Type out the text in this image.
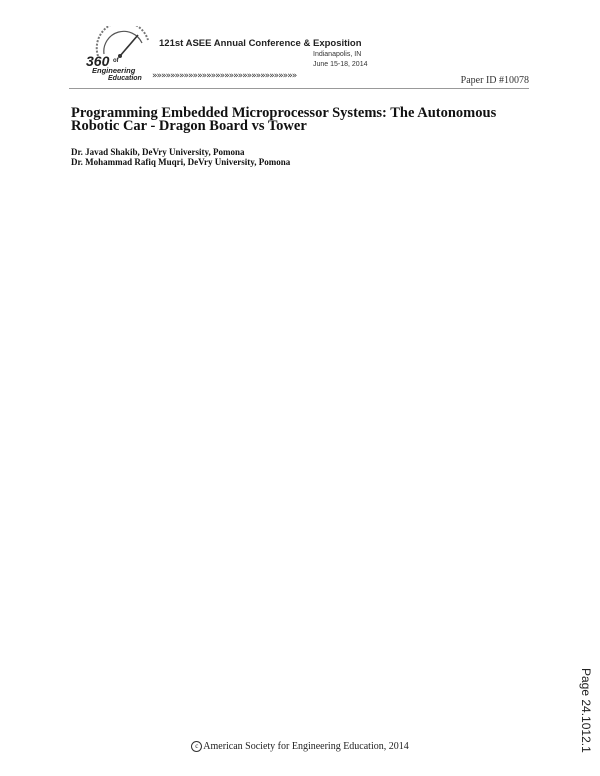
360 of
Engineering
Education
121st ASEE Annual Conference & Exposition
Indianapolis, IN
June 15-18, 2014
»»»»»»»»»»»»»»»»»»»»»»»»»»»»»»»»	Paper ID #10078
Programming Embedded Microprocessor Systems: The Autonomous Robotic Car - Dragon Board vs Tower
Dr. Javad Shakib, DeVry University, Pomona
Dr. Mohammad Rafiq Muqri, DeVry University, Pomona
c American Society for Engineering Education, 2014	Page 24.1012.1
